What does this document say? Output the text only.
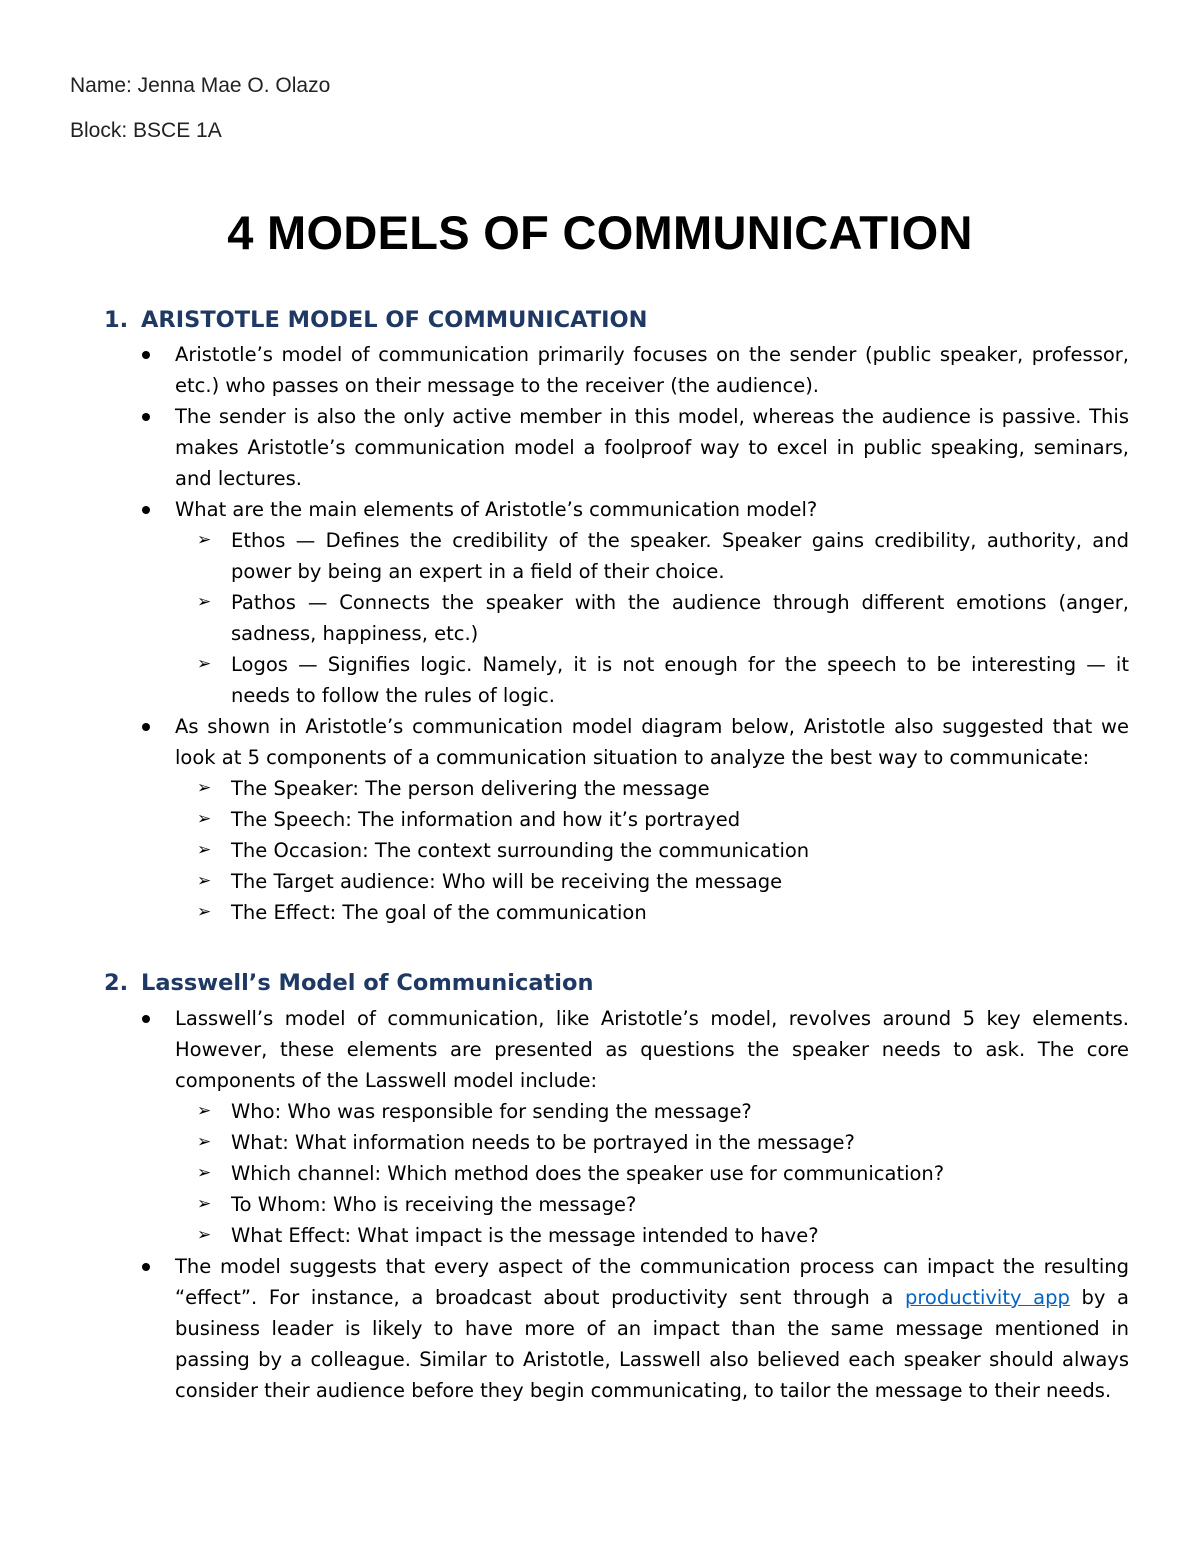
Name: Jenna Mae O. Olazo
Block: BSCE 1A
4 MODELS OF COMMUNICATION
1. ARISTOTLE MODEL OF COMMUNICATION
Aristotle’s model of communication primarily focuses on the sender (public speaker, professor, etc.) who passes on their message to the receiver (the audience).
The sender is also the only active member in this model, whereas the audience is passive. This makes Aristotle’s communication model a foolproof way to excel in public speaking, seminars, and lectures.
What are the main elements of Aristotle’s communication model?
➢ Ethos — Defines the credibility of the speaker. Speaker gains credibility, authority, and power by being an expert in a field of their choice.
➢ Pathos — Connects the speaker with the audience through different emotions (anger, sadness, happiness, etc.)
➢ Logos — Signifies logic. Namely, it is not enough for the speech to be interesting — it needs to follow the rules of logic.
As shown in Aristotle’s communication model diagram below, Aristotle also suggested that we look at 5 components of a communication situation to analyze the best way to communicate:
➢ The Speaker: The person delivering the message
➢ The Speech: The information and how it’s portrayed
➢ The Occasion: The context surrounding the communication
➢ The Target audience: Who will be receiving the message
➢ The Effect: The goal of the communication
2. Lasswell’s Model of Communication
Lasswell’s model of communication, like Aristotle’s model, revolves around 5 key elements. However, these elements are presented as questions the speaker needs to ask. The core components of the Lasswell model include:
➢ Who: Who was responsible for sending the message?
➢ What: What information needs to be portrayed in the message?
➢ Which channel: Which method does the speaker use for communication?
➢ To Whom: Who is receiving the message?
➢ What Effect: What impact is the message intended to have?
The model suggests that every aspect of the communication process can impact the resulting “effect”. For instance, a broadcast about productivity sent through a productivity app by a business leader is likely to have more of an impact than the same message mentioned in passing by a colleague. Similar to Aristotle, Lasswell also believed each speaker should always consider their audience before they begin communicating, to tailor the message to their needs.
